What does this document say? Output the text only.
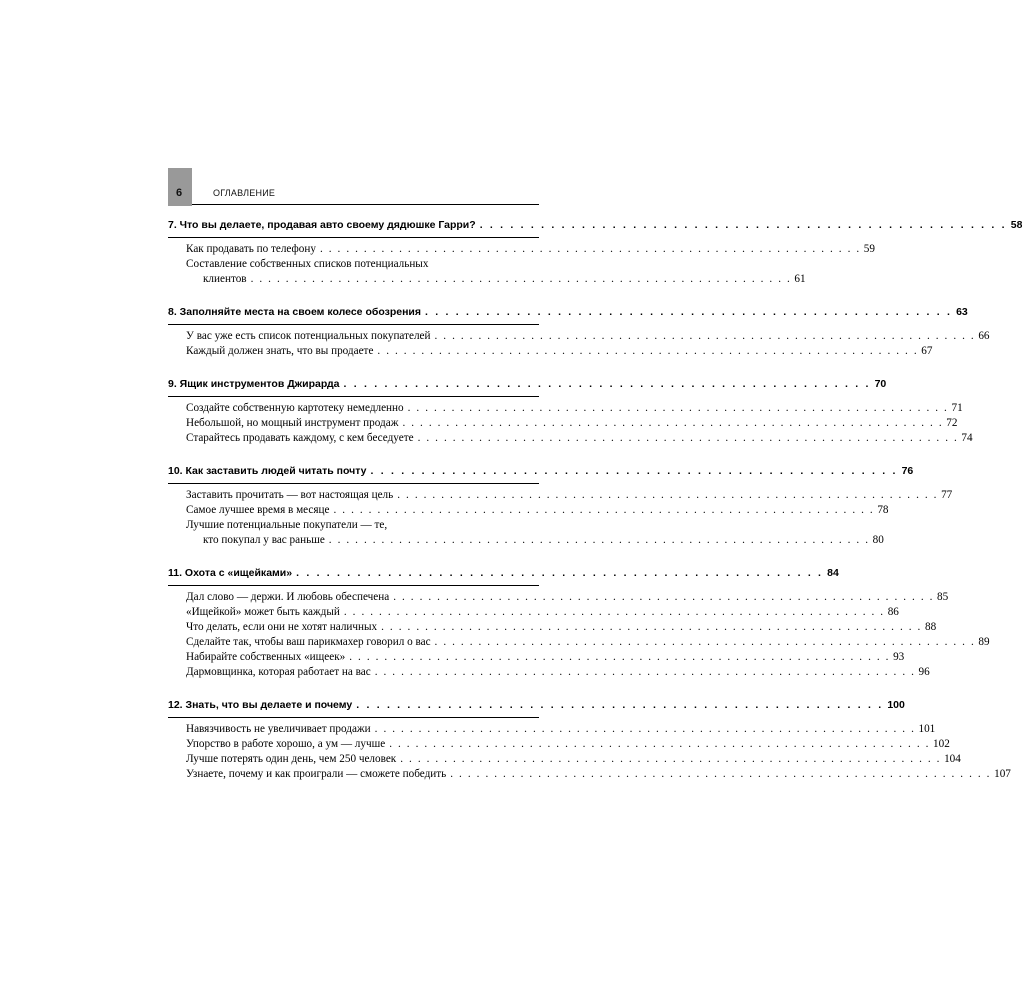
6	ОГЛАВЛЕНИЕ
7. Что вы делаете, продавая авто своему дядюшке Гарри? . . . . . . . . . . . . . . . . . . . . . . . . . . . . . . . . . . . . . . . . . . . . . . . . . . . . 58
Как продавать по телефону . . . . . . . . . . . . . . . . . . . . . . . . . . . . . . . . . . . . . . . . . . . . . . . . . . . . . . . . . . . . . . 59
Составление собственных списков потенциальных
клиентов . . . . . . . . . . . . . . . . . . . . . . . . . . . . . . . . . . . . . . . . . . . . . . . . . . . . . . . . . . . . . . 61
8. Заполняйте места на своем колесе обозрения . . . . . . . . . . . . . . . . . . . . . . . . . . . . . . . . . . . . . . . . . . . . . . . . . . . . 63
У вас уже есть список потенциальных покупателей . . . . . . . . . . . . . . . . . . . . . . . . . . . . . . . . . . . . . . . . . . . . . . . . . . . . . . . . . . . . . . 66
Каждый должен знать, что вы продаете . . . . . . . . . . . . . . . . . . . . . . . . . . . . . . . . . . . . . . . . . . . . . . . . . . . . . . . . . . . . . . 67
9. Ящик инструментов Джирарда . . . . . . . . . . . . . . . . . . . . . . . . . . . . . . . . . . . . . . . . . . . . . . . . . . . . 70
Создайте собственную картотеку немедленно . . . . . . . . . . . . . . . . . . . . . . . . . . . . . . . . . . . . . . . . . . . . . . . . . . . . . . . . . . . . . . 71
Небольшой, но мощный инструмент продаж . . . . . . . . . . . . . . . . . . . . . . . . . . . . . . . . . . . . . . . . . . . . . . . . . . . . . . . . . . . . . . 72
Старайтесь продавать каждому, с кем беседуете . . . . . . . . . . . . . . . . . . . . . . . . . . . . . . . . . . . . . . . . . . . . . . . . . . . . . . . . . . . . . . 74
10. Как заставить людей читать почту . . . . . . . . . . . . . . . . . . . . . . . . . . . . . . . . . . . . . . . . . . . . . . . . . . . . 76
Заставить прочитать — вот настоящая цель . . . . . . . . . . . . . . . . . . . . . . . . . . . . . . . . . . . . . . . . . . . . . . . . . . . . . . . . . . . . . . 77
Самое лучшее время в месяце . . . . . . . . . . . . . . . . . . . . . . . . . . . . . . . . . . . . . . . . . . . . . . . . . . . . . . . . . . . . . . 78
Лучшие потенциальные покупатели — те,
кто покупал у вас раньше . . . . . . . . . . . . . . . . . . . . . . . . . . . . . . . . . . . . . . . . . . . . . . . . . . . . . . . . . . . . . . 80
11. Охота с «ищейками» . . . . . . . . . . . . . . . . . . . . . . . . . . . . . . . . . . . . . . . . . . . . . . . . . . . . 84
Дал слово — держи. И любовь обеспечена . . . . . . . . . . . . . . . . . . . . . . . . . . . . . . . . . . . . . . . . . . . . . . . . . . . . . . . . . . . . . . 85
«Ищейкой» может быть каждый . . . . . . . . . . . . . . . . . . . . . . . . . . . . . . . . . . . . . . . . . . . . . . . . . . . . . . . . . . . . . . 86
Что делать, если они не хотят наличных . . . . . . . . . . . . . . . . . . . . . . . . . . . . . . . . . . . . . . . . . . . . . . . . . . . . . . . . . . . . . . 88
Сделайте так, чтобы ваш парикмахер говорил о вас . . . . . . . . . . . . . . . . . . . . . . . . . . . . . . . . . . . . . . . . . . . . . . . . . . . . . . . . . . . . . . 89
Набирайте собственных «ищеек» . . . . . . . . . . . . . . . . . . . . . . . . . . . . . . . . . . . . . . . . . . . . . . . . . . . . . . . . . . . . . . 93
Дармовщинка, которая работает на вас . . . . . . . . . . . . . . . . . . . . . . . . . . . . . . . . . . . . . . . . . . . . . . . . . . . . . . . . . . . . . . 96
12. Знать, что вы делаете и почему . . . . . . . . . . . . . . . . . . . . . . . . . . . . . . . . . . . . . . . . . . . . . . . . . . . . 100
Навязчивость не увеличивает продажи . . . . . . . . . . . . . . . . . . . . . . . . . . . . . . . . . . . . . . . . . . . . . . . . . . . . . . . . . . . . . . 101
Упорство в работе хорошо, а ум — лучше . . . . . . . . . . . . . . . . . . . . . . . . . . . . . . . . . . . . . . . . . . . . . . . . . . . . . . . . . . . . . . 102
Лучше потерять один день, чем 250 человек . . . . . . . . . . . . . . . . . . . . . . . . . . . . . . . . . . . . . . . . . . . . . . . . . . . . . . . . . . . . . . 104
Узнаете, почему и как проиграли — сможете победить . . . . . . . . . . . . . . . . . . . . . . . . . . . . . . . . . . . . . . . . . . . . . . . . . . . . . . . . . . . . . . 107
